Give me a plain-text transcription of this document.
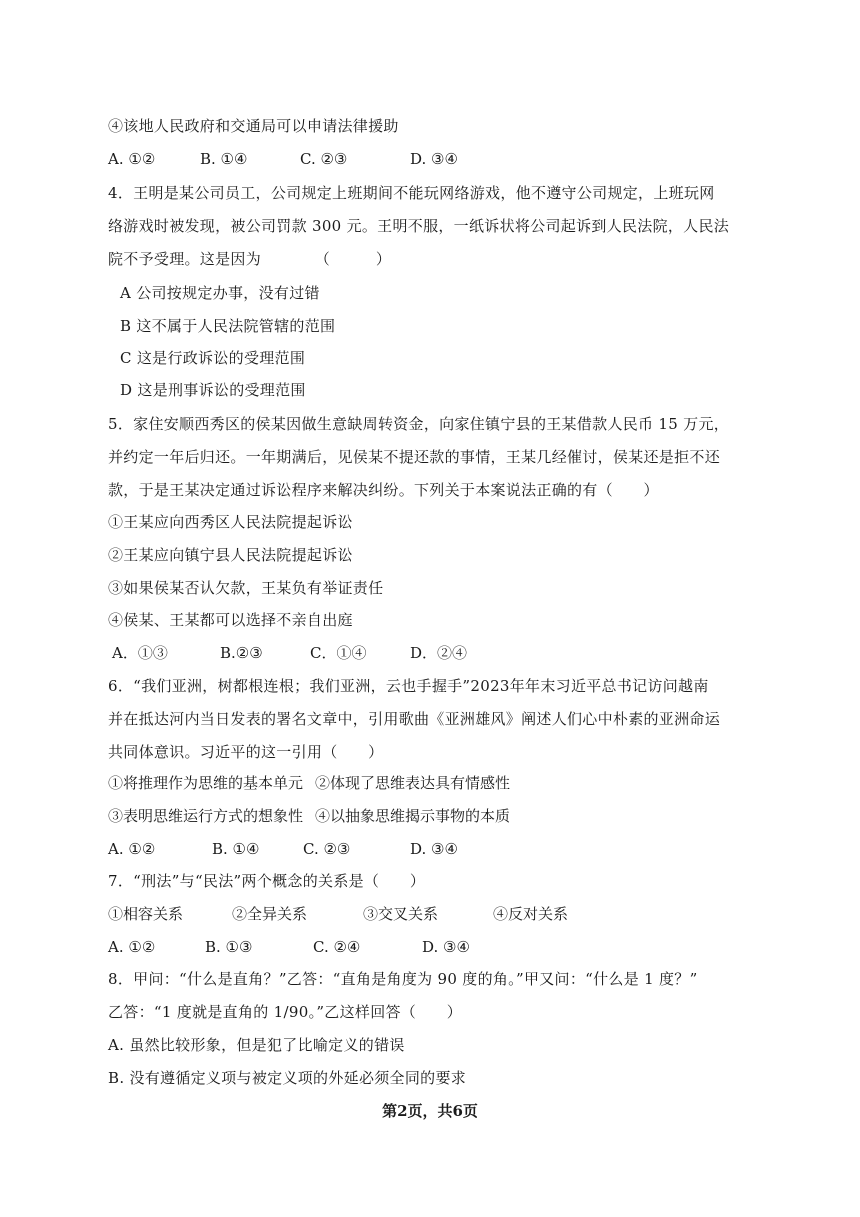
④该地人民政府和交通局可以申请法律援助
A. ①②	B. ①④	C. ②③	D. ③④
4．王明是某公司员工，公司规定上班期间不能玩网络游戏，他不遵守公司规定，上班玩网
络游戏时被发现，被公司罚款 300 元。王明不服，一纸诉状将公司起诉到人民法院，人民法
院不予受理。这是因为　　　　（　　　）
A 公司按规定办事，没有过错
B 这不属于人民法院管辖的范围
C 这是行政诉讼的受理范围
D 这是刑事诉讼的受理范围
5．家住安顺西秀区的侯某因做生意缺周转资金，向家住镇宁县的王某借款人民币 15 万元，
并约定一年后归还。一年期满后，见侯某不提还款的事情，王某几经催讨，侯某还是拒不还
款，于是王某决定通过诉讼程序来解决纠纷。下列关于本案说法正确的有（　　）
①王某应向西秀区人民法院提起诉讼
②王某应向镇宁县人民法院提起诉讼
③如果侯某否认欠款，王某负有举证责任
④侯某、王某都可以选择不亲自出庭
A．①③	B.②③	C．①④	D．②④
6．“我们亚洲，树都根连根；我们亚洲，云也手握手”2023年年末习近平总书记访问越南
并在抵达河内当日发表的署名文章中，引用歌曲《亚洲雄风》阐述人们心中朴素的亚洲命运
共同体意识。习近平的这一引用（　　）
①将推理作为思维的基本单元 ②体现了思维表达具有情感性
③表明思维运行方式的想象性 ④以抽象思维揭示事物的本质
A. ①②	B. ①④	C. ②③	D. ③④
7．“刑法”与“民法”两个概念的关系是（　　）
①相容关系	②全异关系	③交叉关系	④反对关系
A. ①②	B. ①③	C. ②④	D. ③④
8．甲问：“什么是直角？”乙答：“直角是角度为 90 度的角。”甲又问：“什么是 1 度？”
乙答：“1 度就是直角的 1/90。”乙这样回答（　　）
A. 虽然比较形象，但是犯了比喻定义的错误
B. 没有遵循定义项与被定义项的外延必须全同的要求
第2页，共6页
